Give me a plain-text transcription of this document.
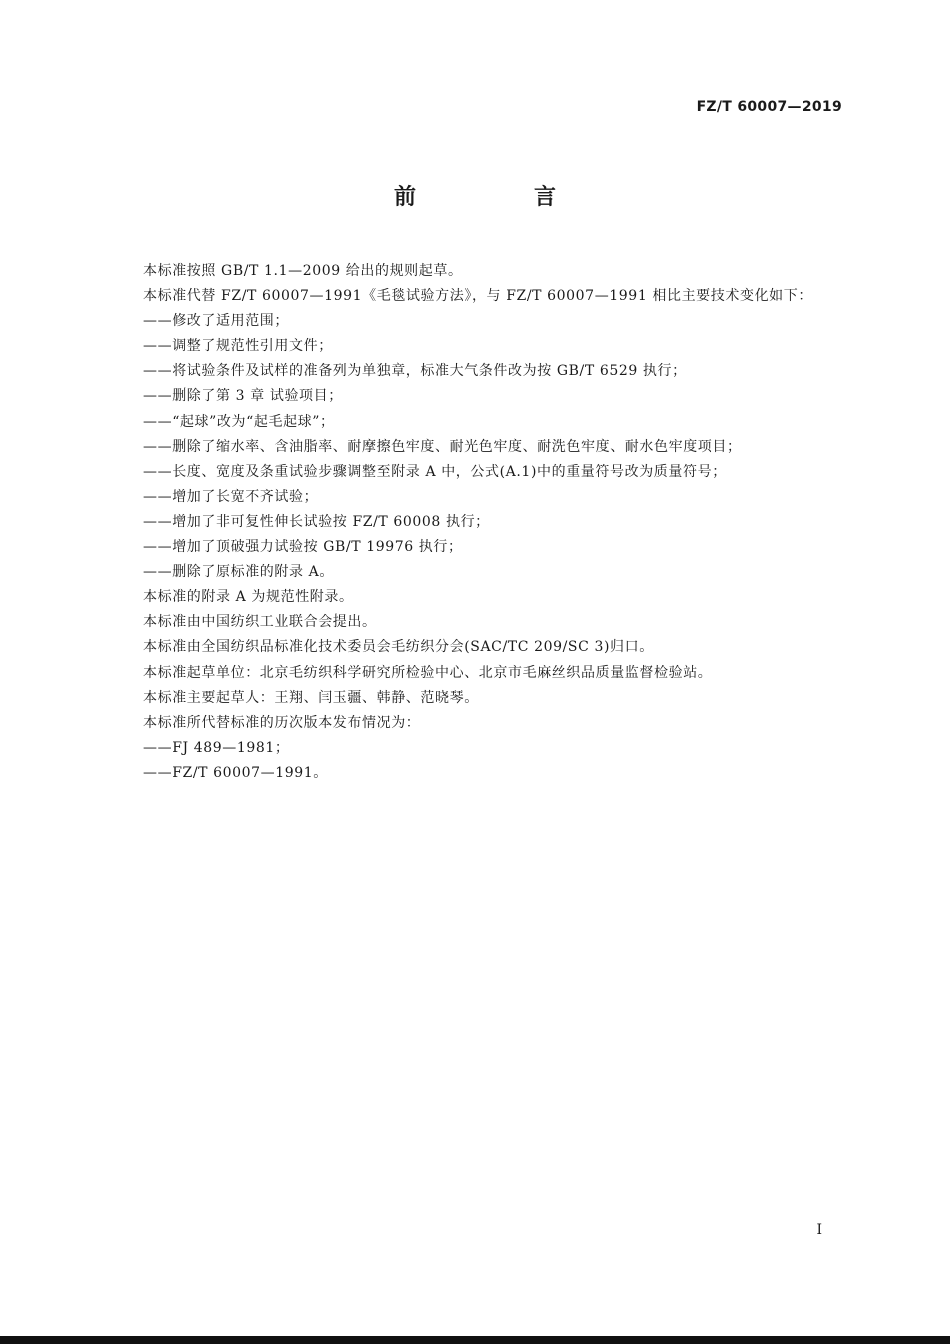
FZ/T 60007—2019
前　言
本标准按照 GB/T 1.1—2009 给出的规则起草。
本标准代替 FZ/T 60007—1991《毛毯试验方法》，与 FZ/T 60007—1991 相比主要技术变化如下：
——修改了适用范围；
——调整了规范性引用文件；
——将试验条件及试样的准备列为单独章，标准大气条件改为按 GB/T 6529 执行；
——删除了第 3 章 试验项目；
——“起球”改为“起毛起球”；
——删除了缩水率、含油脂率、耐摩擦色牢度、耐光色牢度、耐洗色牢度、耐水色牢度项目；
——长度、宽度及条重试验步骤调整至附录 A 中，公式(A.1)中的重量符号改为质量符号；
——增加了长宽不齐试验；
——增加了非可复性伸长试验按 FZ/T 60008 执行；
——增加了顶破强力试验按 GB/T 19976 执行；
——删除了原标准的附录 A。
本标准的附录 A 为规范性附录。
本标准由中国纺织工业联合会提出。
本标准由全国纺织品标准化技术委员会毛纺织分会(SAC/TC 209/SC 3)归口。
本标准起草单位：北京毛纺织科学研究所检验中心、北京市毛麻丝织品质量监督检验站。
本标准主要起草人：王翔、闫玉疆、韩静、范晓琴。
本标准所代替标准的历次版本发布情况为：
——FJ 489—1981；
——FZ/T 60007—1991。
I
